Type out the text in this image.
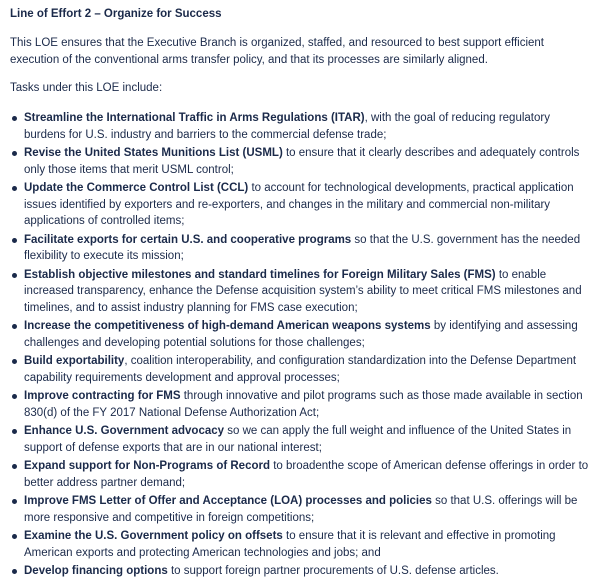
Line of Effort 2 – Organize for Success
This LOE ensures that the Executive Branch is organized, staffed, and resourced to best support efficient execution of the conventional arms transfer policy, and that its processes are similarly aligned.
Tasks under this LOE include:
Streamline the International Traffic in Arms Regulations (ITAR), with the goal of reducing regulatory burdens for U.S. industry and barriers to the commercial defense trade;
Revise the United States Munitions List (USML) to ensure that it clearly describes and adequately controls only those items that merit USML control;
Update the Commerce Control List (CCL) to account for technological developments, practical application issues identified by exporters and re-exporters, and changes in the military and commercial non-military applications of controlled items;
Facilitate exports for certain U.S. and cooperative programs so that the U.S. government has the needed flexibility to execute its mission;
Establish objective milestones and standard timelines for Foreign Military Sales (FMS) to enable increased transparency, enhance the Defense acquisition system’s ability to meet critical FMS milestones and timelines, and to assist industry planning for FMS case execution;
Increase the competitiveness of high-demand American weapons systems by identifying and assessing challenges and developing potential solutions for those challenges;
Build exportability, coalition interoperability, and configuration standardization into the Defense Department capability requirements development and approval processes;
Improve contracting for FMS through innovative and pilot programs such as those made available in section 830(d) of the FY 2017 National Defense Authorization Act;
Enhance U.S. Government advocacy so we can apply the full weight and influence of the United States in support of defense exports that are in our national interest;
Expand support for Non-Programs of Record to broadenthe scope of American defense offerings in order to better address partner demand;
Improve FMS Letter of Offer and Acceptance (LOA) processes and policies so that U.S. offerings will be more responsive and competitive in foreign competitions;
Examine the U.S. Government policy on offsets to ensure that it is relevant and effective in promoting American exports and protecting American technologies and jobs; and
Develop financing options to support foreign partner procurements of U.S. defense articles.
